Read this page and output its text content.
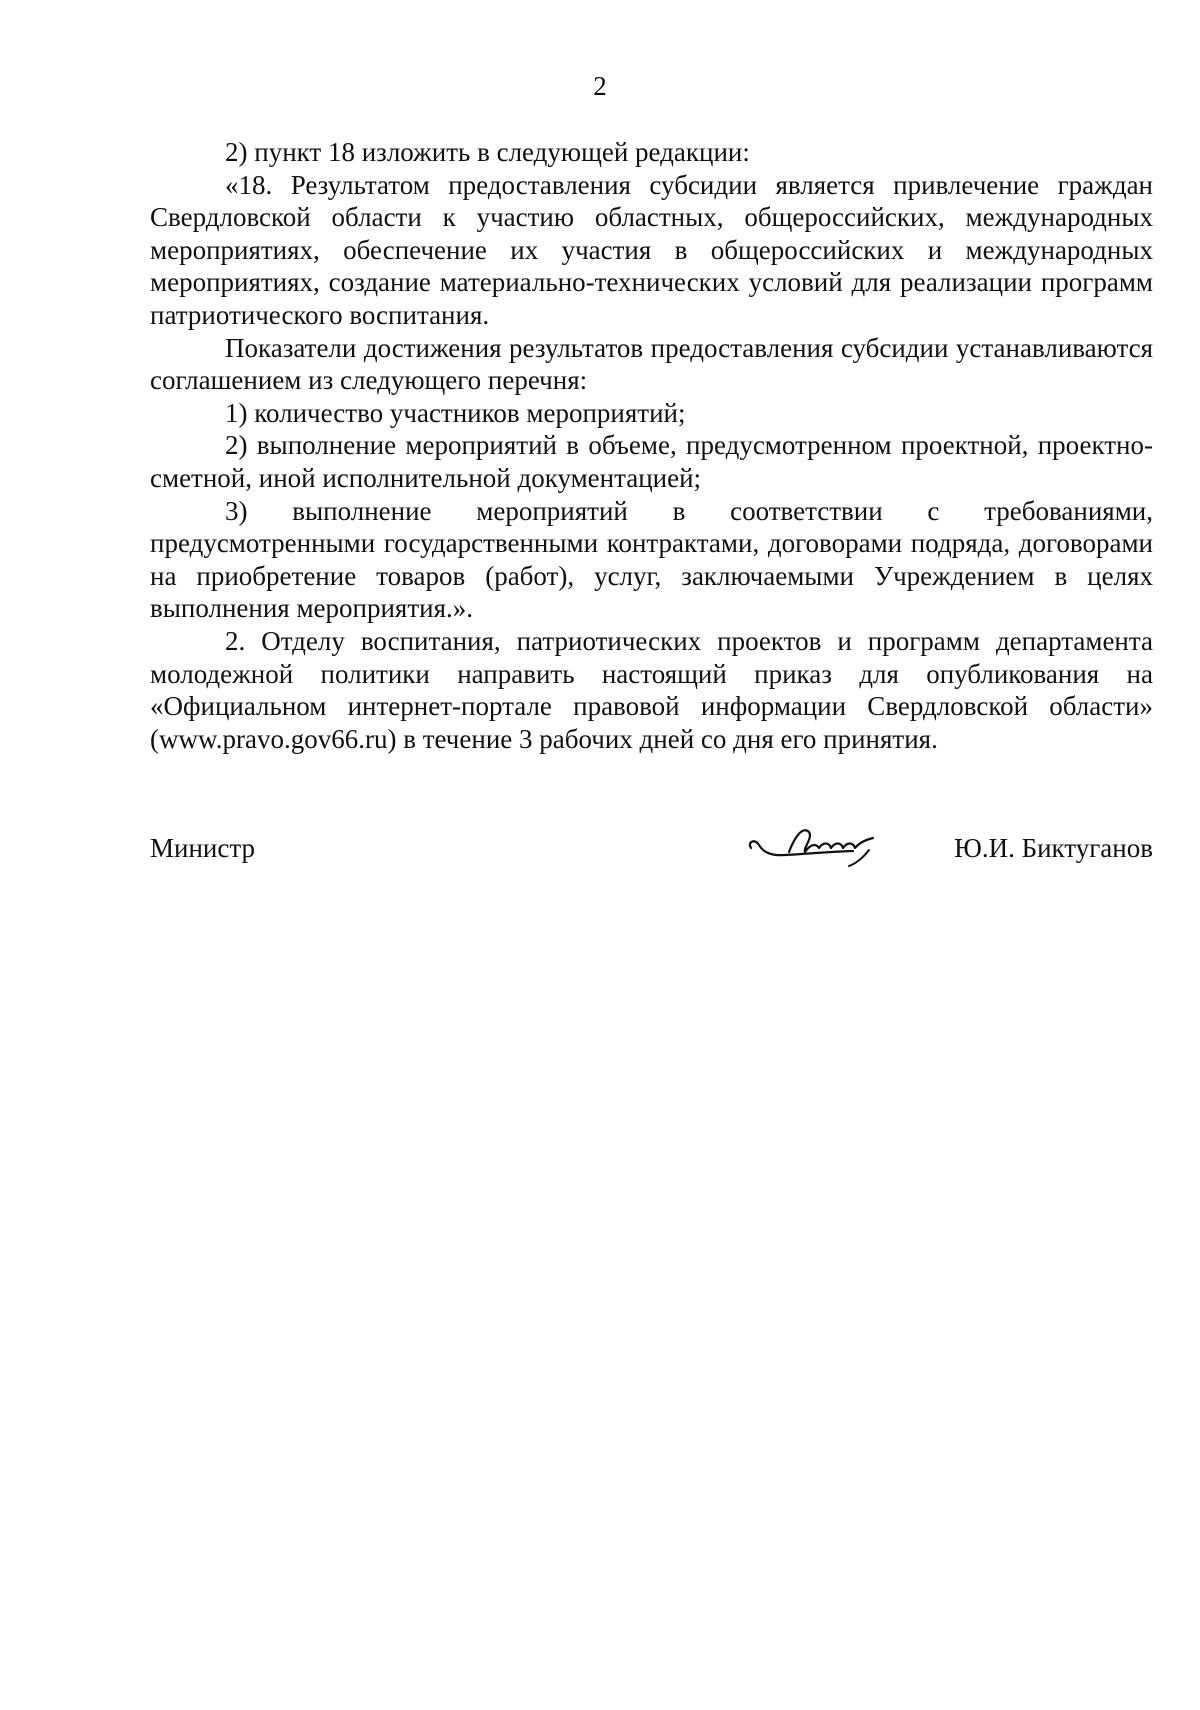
2

2) пункт 18 изложить в следующей редакции:

«18. Результатом предоставления субсидии является привлечение граждан Свердловской области к участию областных, общероссийских, международных мероприятиях, обеспечение их участия в общероссийских и международных мероприятиях, создание материально-технических условий для реализации программ патриотического воспитания.

Показатели достижения результатов предоставления субсидии устанавливаются соглашением из следующего перечня:

1) количество участников мероприятий;

2) выполнение мероприятий в объеме, предусмотренном проектной, проектно-сметной, иной исполнительной документацией;

3) выполнение мероприятий в соответствии с требованиями, предусмотренными государственными контрактами, договорами подряда, договорами на приобретение товаров (работ), услуг, заключаемыми Учреждением в целях выполнения мероприятия.».

2. Отделу воспитания, патриотических проектов и программ департамента молодежной политики направить настоящий приказ для опубликования на «Официальном интернет-портале правовой информации Свердловской области» (www.pravo.gov66.ru) в течение 3 рабочих дней со дня его принятия.

Министр	Ю.И. Биктуганов
